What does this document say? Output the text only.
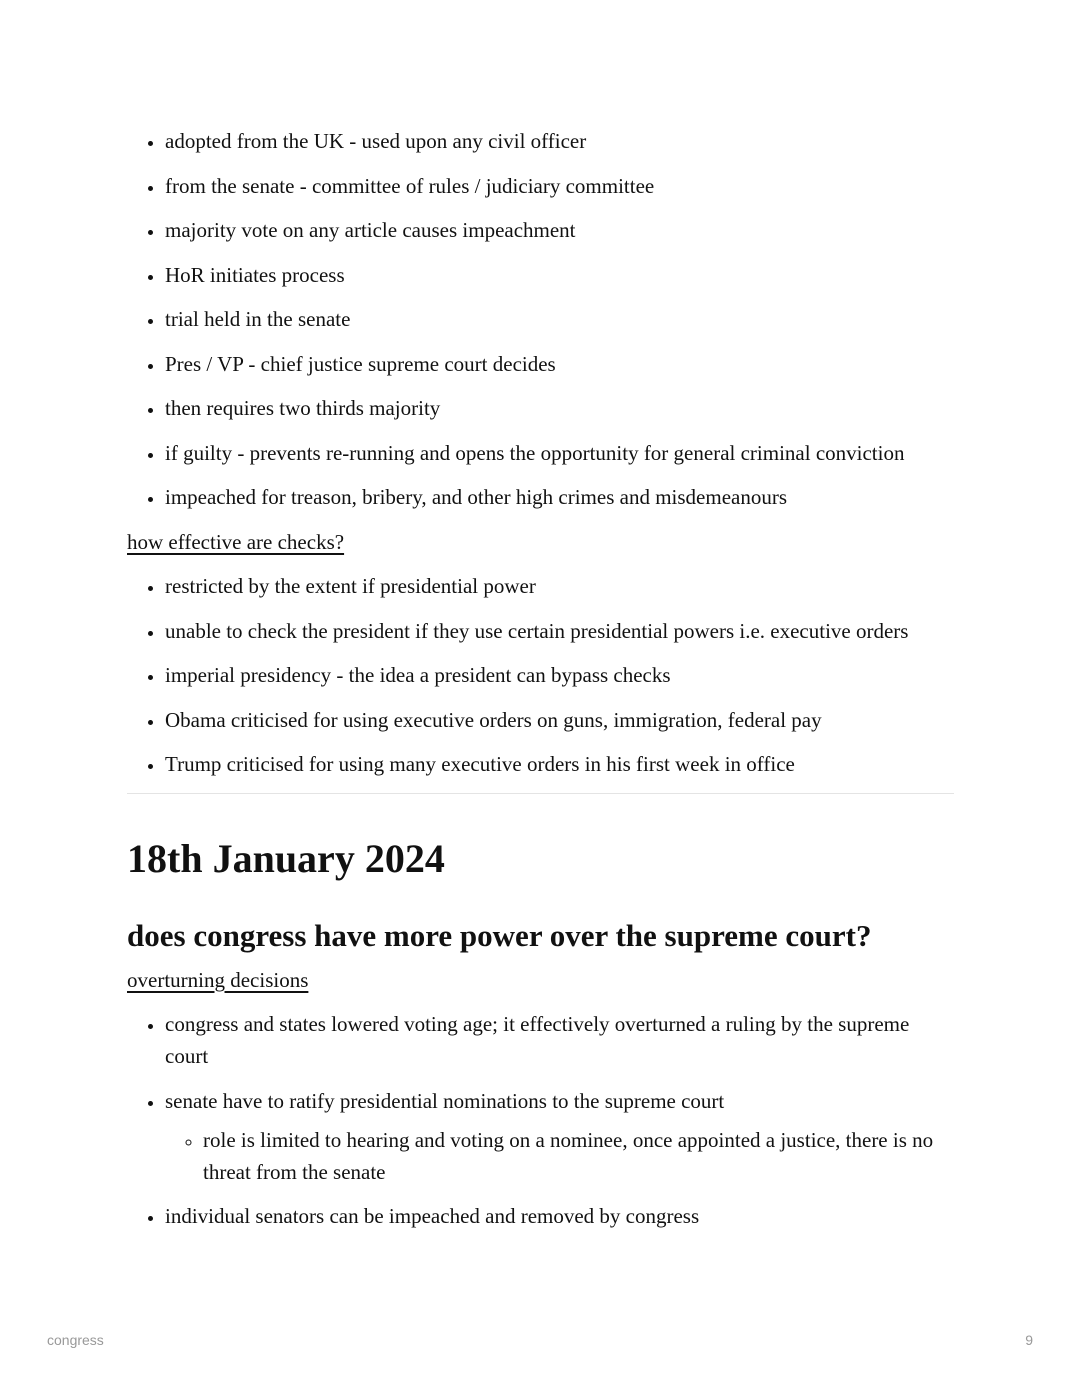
• adopted from the UK - used upon any civil officer
• from the senate - committee of rules / judiciary committee
• majority vote on any article causes impeachment
• HoR initiates process
• trial held in the senate
• Pres / VP - chief justice supreme court decides
• then requires two thirds majority
• if guilty - prevents re-running and opens the opportunity for general criminal conviction
• impeached for treason, bribery, and other high crimes and misdemeanours

how effective are checks?

• restricted by the extent if presidential power
• unable to check the president if they use certain presidential powers i.e. executive orders
• imperial presidency - the idea a president can bypass checks
• Obama criticised for using executive orders on guns, immigration, federal pay
• Trump criticised for using many executive orders in his first week in office
18th January 2024
does congress have more power over the supreme court?

overturning decisions

• congress and states lowered voting age; it effectively overturned a ruling by the supreme court
• senate have to ratify presidential nominations to the supreme court
◦ role is limited to hearing and voting on a nominee, once appointed a justice, there is no threat from the senate
• individual senators can be impeached and removed by congress
congress	9
